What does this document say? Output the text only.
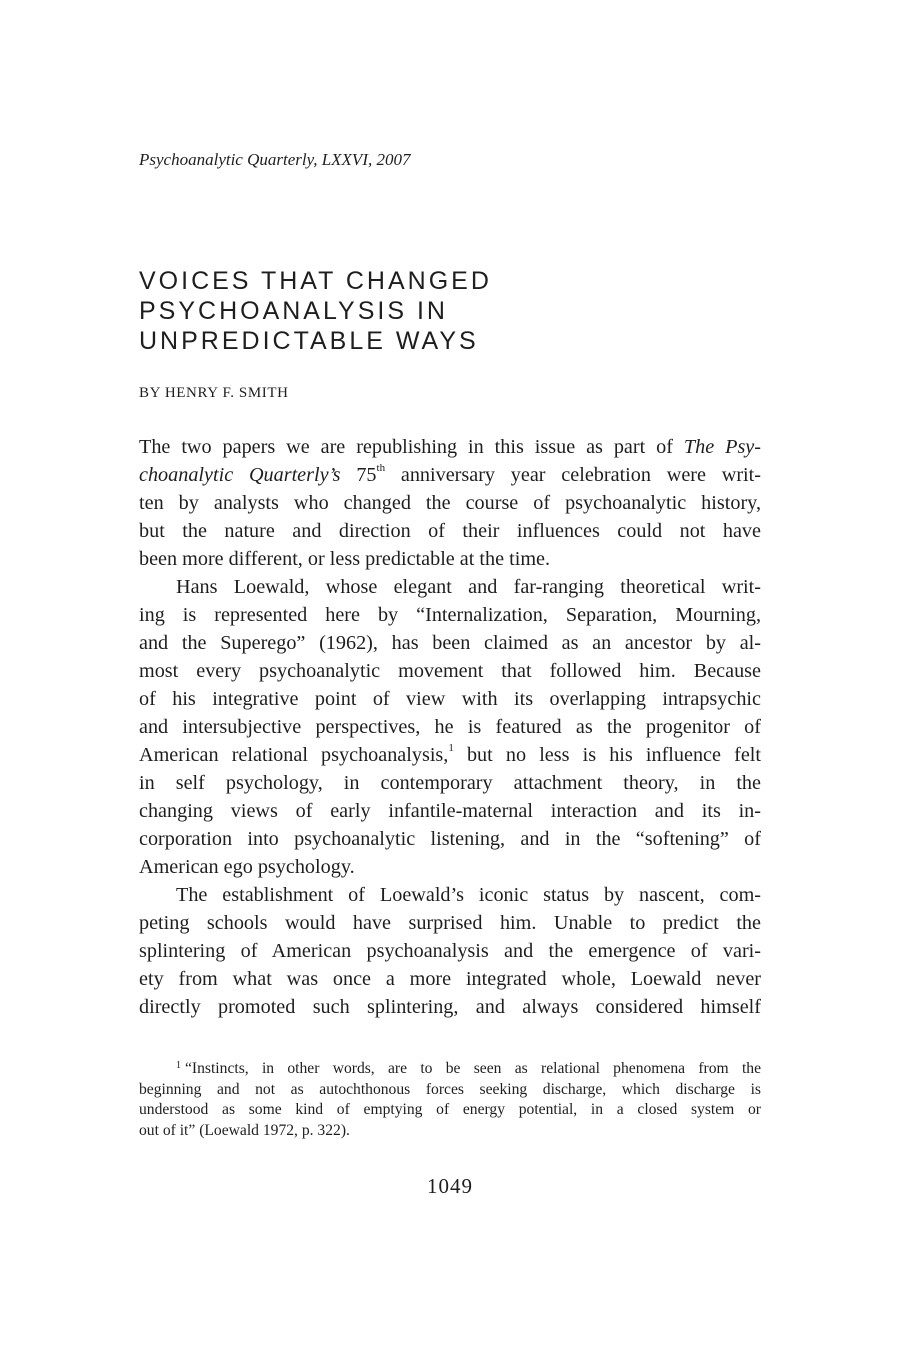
Psychoanalytic Quarterly, LXXVI, 2007
VOICES THAT CHANGED
PSYCHOANALYSIS IN
UNPREDICTABLE WAYS
BY HENRY F. SMITH
The two papers we are republishing in this issue as part of The Psy-
choanalytic Quarterly’s 75th anniversary year celebration were writ-
ten by analysts who changed the course of psychoanalytic history,
but the nature and direction of their influences could not have
been more different, or less predictable at the time.
Hans Loewald, whose elegant and far-ranging theoretical writ-
ing is represented here by “Internalization, Separation, Mourning,
and the Superego” (1962), has been claimed as an ancestor by al-
most every psychoanalytic movement that followed him. Because
of his integrative point of view with its overlapping intrapsychic
and intersubjective perspectives, he is featured as the progenitor of
American relational psychoanalysis,$^1$ but no less is his influence felt
in self psychology, in contemporary attachment theory, in the
changing views of early infantile-maternal interaction and its in-
corporation into psychoanalytic listening, and in the “softening” of
American ego psychology.
The establishment of Loewald’s iconic status by nascent, com-
peting schools would have surprised him. Unable to predict the
splintering of American psychoanalysis and the emergence of vari-
ety from what was once a more integrated whole, Loewald never
directly promoted such splintering, and always considered himself
$^1$ “Instincts, in other words, are to be seen as relational phenomena from the
beginning and not as autochthonous forces seeking discharge, which discharge is
understood as some kind of emptying of energy potential, in a closed system or
out of it” (Loewald 1972, p. 322).
1049
